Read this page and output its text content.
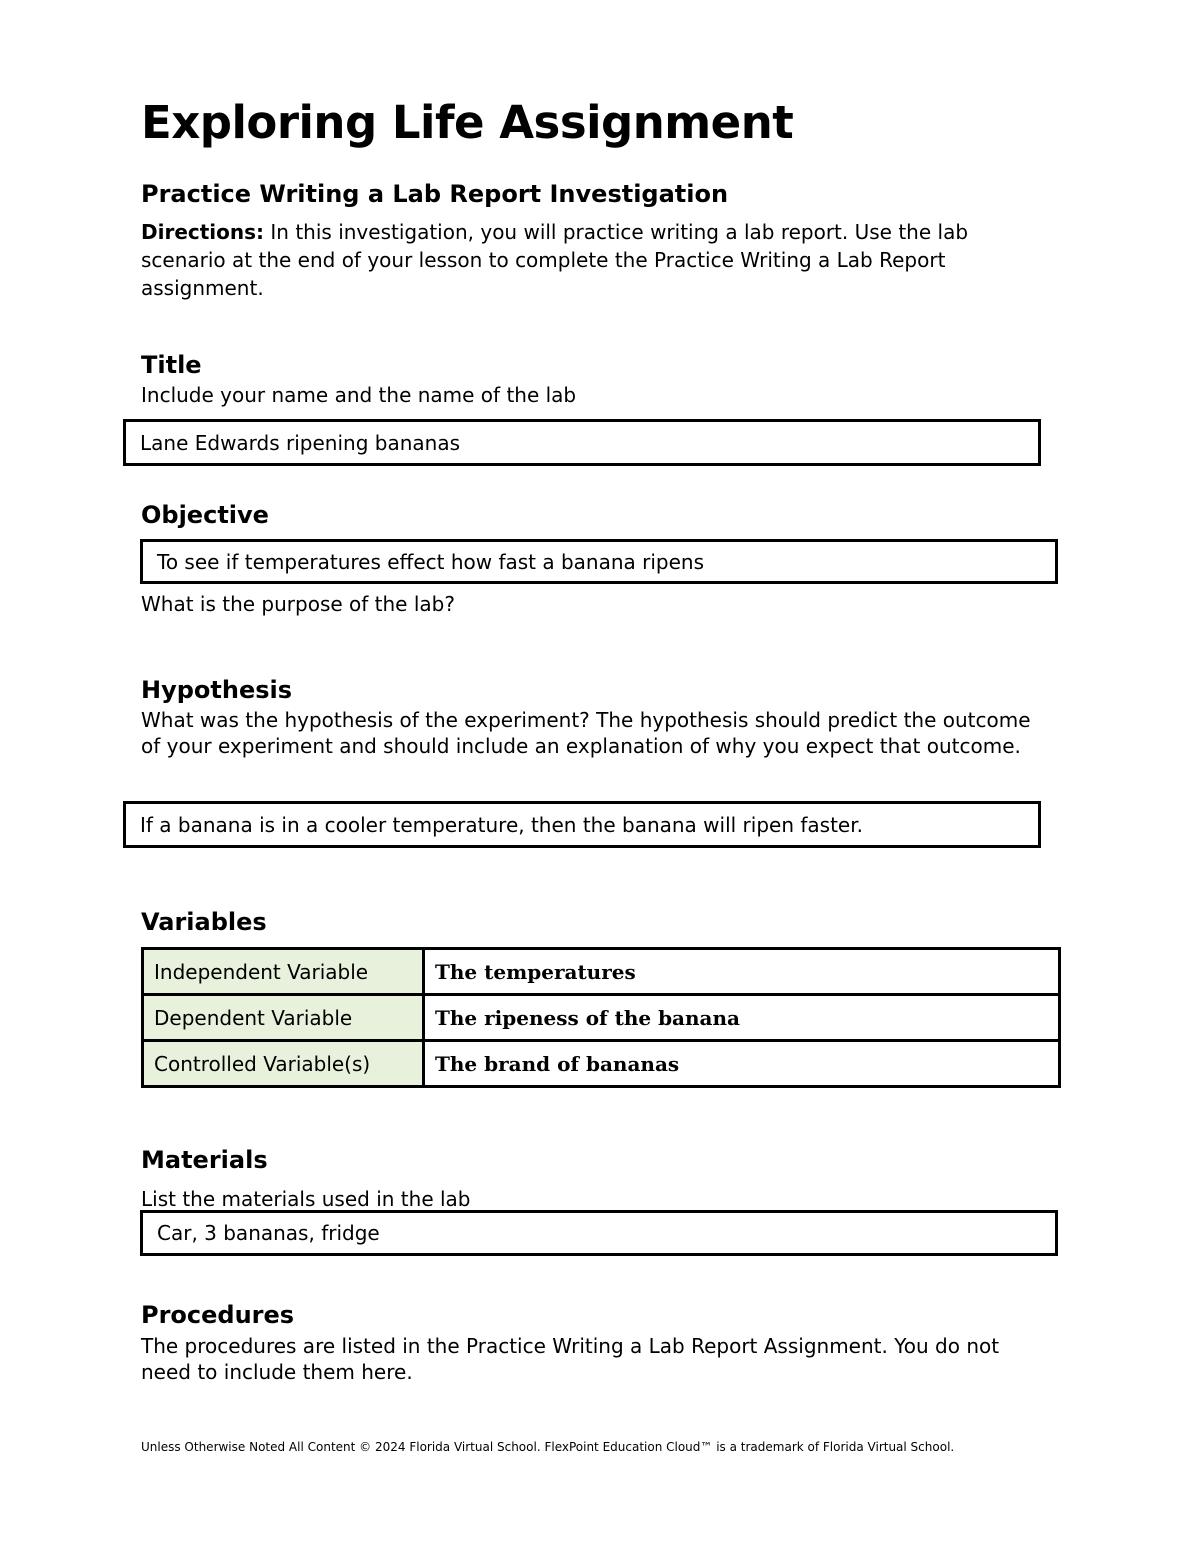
Exploring Life Assignment
Practice Writing a Lab Report Investigation

Directions: In this investigation, you will practice writing a lab report. Use the lab scenario at the end of your lesson to complete the Practice Writing a Lab Report assignment.

Title

Include your name and the name of the lab

Lane Edwards ripening bananas
Objective
To see if temperatures effect how fast a banana ripens

What is the purpose of the lab?

Hypothesis

What was the hypothesis of the experiment? The hypothesis should predict the outcome of your experiment and should include an explanation of why you expect that outcome.

If a banana is in a cooler temperature, then the banana will ripen faster.
Variables
Independent Variable	The temperatures
Dependent Variable	The ripeness of the banana
Controlled Variable(s)	The brand of bananas
Materials

List the materials used in the lab

Car, 3 bananas, fridge
Procedures

The procedures are listed in the Practice Writing a Lab Report Assignment. You do not need to include them here.

Unless Otherwise Noted All Content © 2024 Florida Virtual School. FlexPoint Education Cloud™ is a trademark of Florida Virtual School.
